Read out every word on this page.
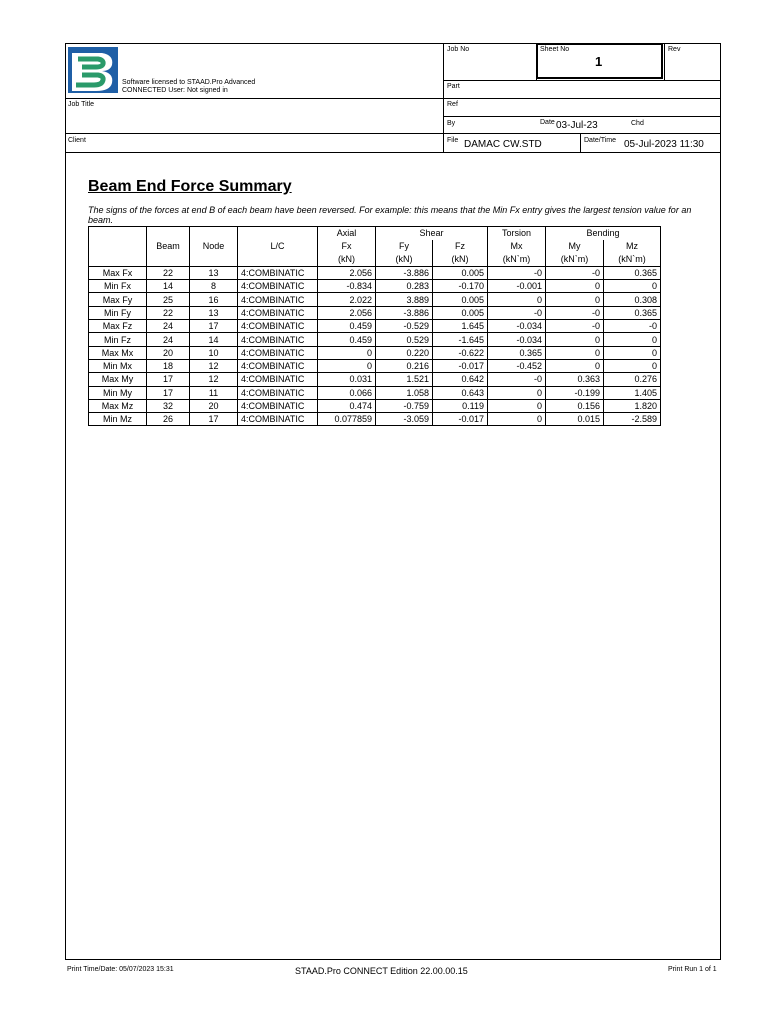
Software licensed to STAAD.Pro Advanced
CONNECTED User: Not signed in
Job No	Sheet No
1
Rev
Part
Job Title	Ref
By	Date 03-Jul-23	Chd
Client	File DAMAC CW.STD	Date/Time 05-Jul-2023 11:30
Beam End Force Summary
The signs of the forces at end B of each beam have been reversed. For example: this means that the Min Fx entry gives the largest tension value for an beam.
				Axial	Shear		Torsion	Bending	
	Beam	Node	L/C	Fx	Fy	Fz	Mx	My	Mz
				(kN)	(kN)	(kN)	(kN`m)	(kN`m)	(kN`m)
Max Fx	22	13	4:COMBINATIC	2.056	-3.886	0.005	-0	-0	0.365
Min Fx	14	8	4:COMBINATIC	-0.834	0.283	-0.170	-0.001	0	0
Max Fy	25	16	4:COMBINATIC	2.022	3.889	0.005	0	0	0.308
Min Fy	22	13	4:COMBINATIC	2.056	-3.886	0.005	-0	-0	0.365
Max Fz	24	17	4:COMBINATIC	0.459	-0.529	1.645	-0.034	-0	-0
Min Fz	24	14	4:COMBINATIC	0.459	0.529	-1.645	-0.034	0	0
Max Mx	20	10	4:COMBINATIC	0	0.220	-0.622	0.365	0	0
Min Mx	18	12	4:COMBINATIC	0	0.216	-0.017	-0.452	0	0
Max My	17	12	4:COMBINATIC	0.031	1.521	0.642	-0	0.363	0.276
Min My	17	11	4:COMBINATIC	0.066	1.058	0.643	0	-0.199	1.405
Max Mz	32	20	4:COMBINATIC	0.474	-0.759	0.119	0	0.156	1.820
Min Mz	26	17	4:COMBINATIC	0.077859	-3.059	-0.017	0	0.015	-2.589
Print Time/Date: 05/07/2023 15:31	STAAD.Pro CONNECT Edition 22.00.00.15	Print Run 1 of 1
